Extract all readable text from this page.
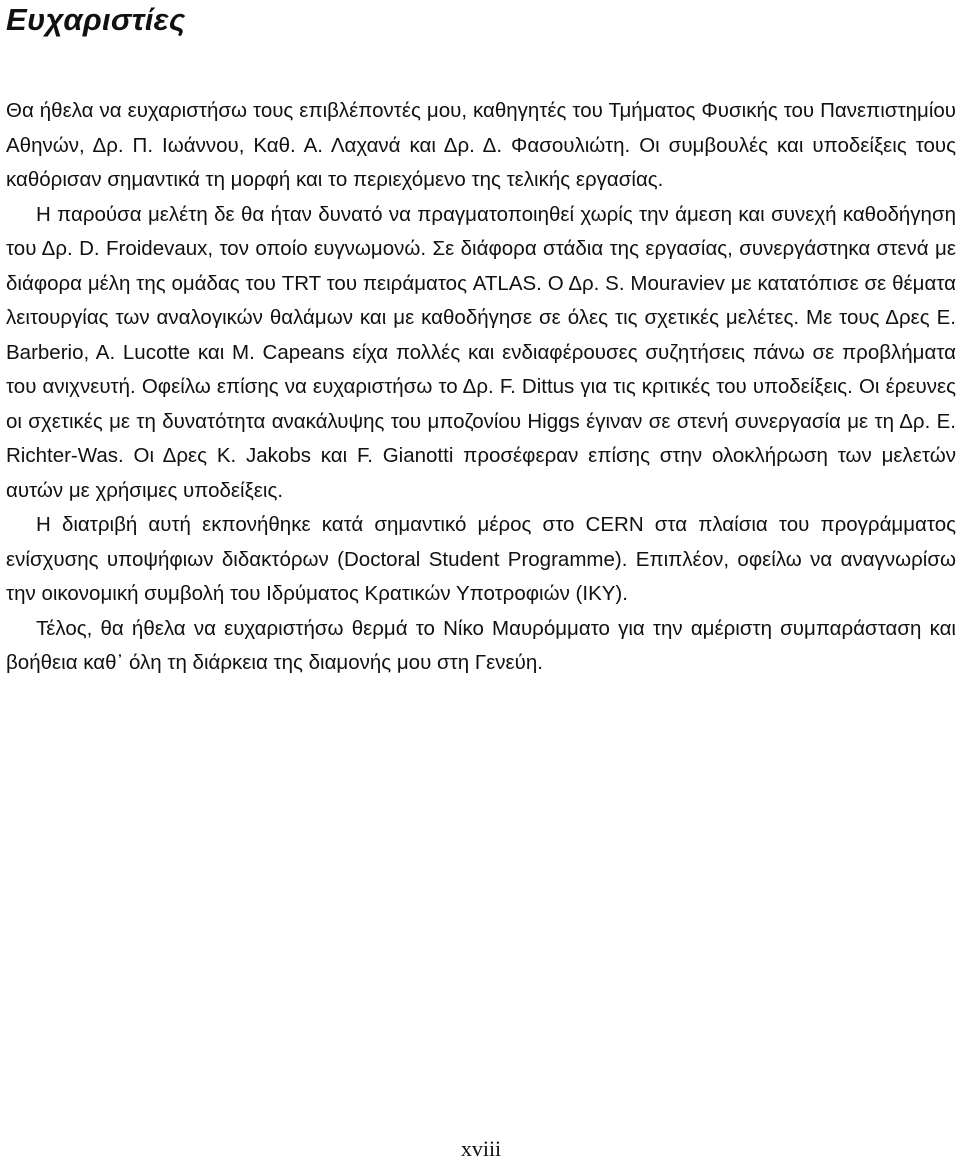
Ευχαριστίες

Θα ήθελα να ευχαριστήσω τους επιβλέποντές μου, καθηγητές του Τμήματος Φυσικής του Πανεπιστημίου Αθηνών, Δρ. Π. Ιωάννου, Καθ. Α. Λαχανά και Δρ. Δ. Φασουλιώτη. Οι συμβουλές και υποδείξεις τους καθόρισαν σημαντικά τη μορφή και το περιεχόμενο της τελικής εργασίας.

Η παρούσα μελέτη δε θα ήταν δυνατό να πραγματοποιηθεί χωρίς την άμεση και συνεχή καθοδήγηση του Δρ. D. Froidevaux, τον οποίο ευγνωμονώ. Σε διάφορα στάδια της εργασίας, συνεργάστηκα στενά με διάφορα μέλη της ομάδας του TRT του πειράματος ATLAS. Ο Δρ. S. Mouraviev με κατατόπισε σε θέματα λειτουργίας των αναλογικών θαλάμων και με καθοδήγησε σε όλες τις σχετικές μελέτες. Με τους Δρες E. Barberio, A. Lucotte και M. Capeans είχα πολλές και ενδιαφέρουσες συζητήσεις πάνω σε προβλήματα του ανιχνευτή. Οφείλω επίσης να ευχαριστήσω το Δρ. F. Dittus για τις κριτικές του υποδείξεις. Οι έρευνες οι σχετικές με τη δυνατότητα ανακάλυψης του μποζονίου Higgs έγιναν σε στενή συνεργασία με τη Δρ. E. Richter-Was. Οι Δρες K. Jakobs και F. Gianotti προσέφεραν επίσης στην ολοκλήρωση των μελετών αυτών με χρήσιμες υποδείξεις.

Η διατριβή αυτή εκπονήθηκε κατά σημαντικό μέρος στο CERN στα πλαίσια του προγράμματος ενίσχυσης υποψήφιων διδακτόρων (Doctoral Student Programme). Επιπλέον, οφείλω να αναγνωρίσω την οικονομική συμβολή του Ιδρύματος Κρατικών Υποτροφιών (ΙΚΥ).

Τέλος, θα ήθελα να ευχαριστήσω θερμά το Νίκο Μαυρόμματο για την αμέριστη συμπαράσταση και βοήθεια καθ᾽ όλη τη διάρκεια της διαμονής μου στη Γενεύη.

xviii
